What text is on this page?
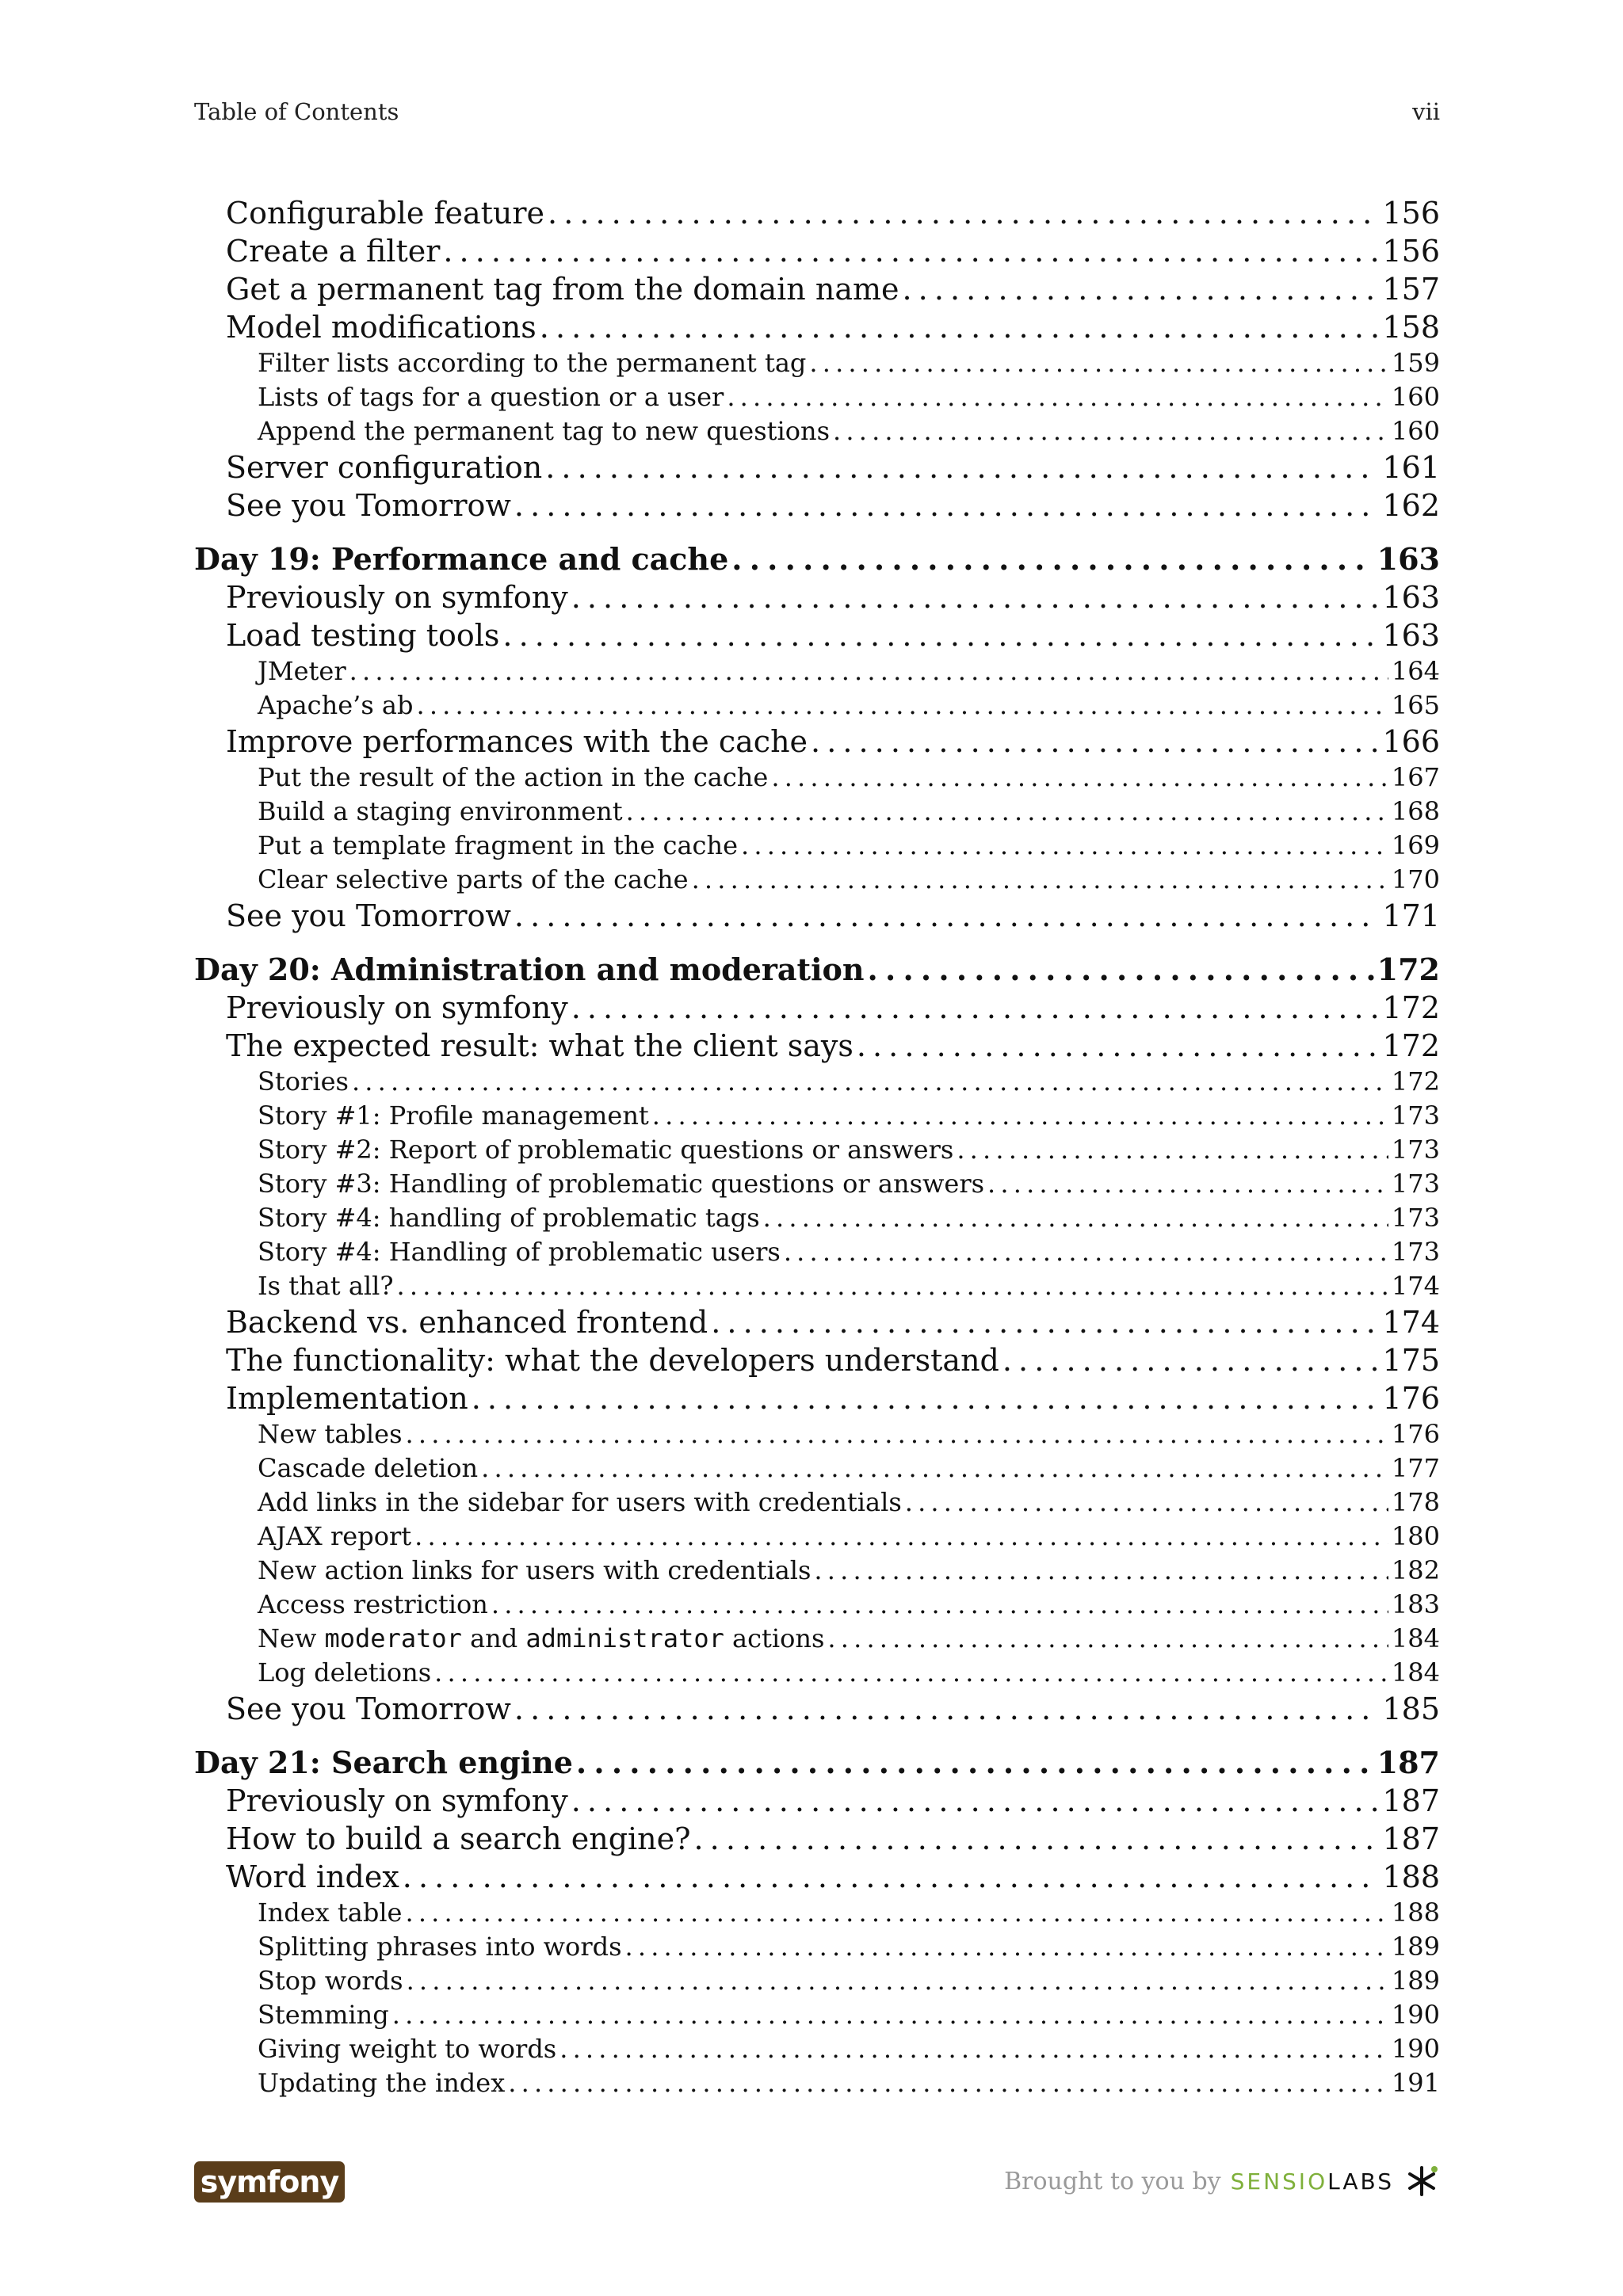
Table of Contents	vii
Configurable feature . . .	156
Create a filter . . .	156
Get a permanent tag from the domain name . . .	157
Model modifications . . .	158
Filter lists according to the permanent tag . . .	159
Lists of tags for a question or a user . . .	160
Append the permanent tag to new questions . . .	160
Server configuration . . .	161
See you Tomorrow . . .	162
Day 19: Performance and cache . . .	163
Previously on symfony . . .	163
Load testing tools . . .	163
JMeter . . .	164
Apache’s ab . . .	165
Improve performances with the cache . . .	166
Put the result of the action in the cache . . .	167
Build a staging environment . . .	168
Put a template fragment in the cache . . .	169
Clear selective parts of the cache . . .	170
See you Tomorrow . . .	171
Day 20: Administration and moderation . . .	172
Previously on symfony . . .	172
The expected result: what the client says . . .	172
Stories . . .	172
Story #1: Profile management . . .	173
Story #2: Report of problematic questions or answers . . .	173
Story #3: Handling of problematic questions or answers . . .	173
Story #4: handling of problematic tags . . .	173
Story #4: Handling of problematic users . . .	173
Is that all? . . .	174
Backend vs. enhanced frontend . . .	174
The functionality: what the developers understand . . .	175
Implementation . . .	176
New tables . . .	176
Cascade deletion . . .	177
Add links in the sidebar for users with credentials . . .	178
AJAX report . . .	180
New action links for users with credentials . . .	182
Access restriction . . .	183
New moderator and administrator actions . . .	184
Log deletions . . .	184
See you Tomorrow . . .	185
Day 21: Search engine . . .	187
Previously on symfony . . .	187
How to build a search engine? . . .	187
Word index . . .	188
Index table . . .	188
Splitting phrases into words . . .	189
Stop words . . .	189
Stemming . . .	190
Giving weight to words . . .	190
Updating the index . . .	191
symfony	Brought to you by SENSIOLABS
